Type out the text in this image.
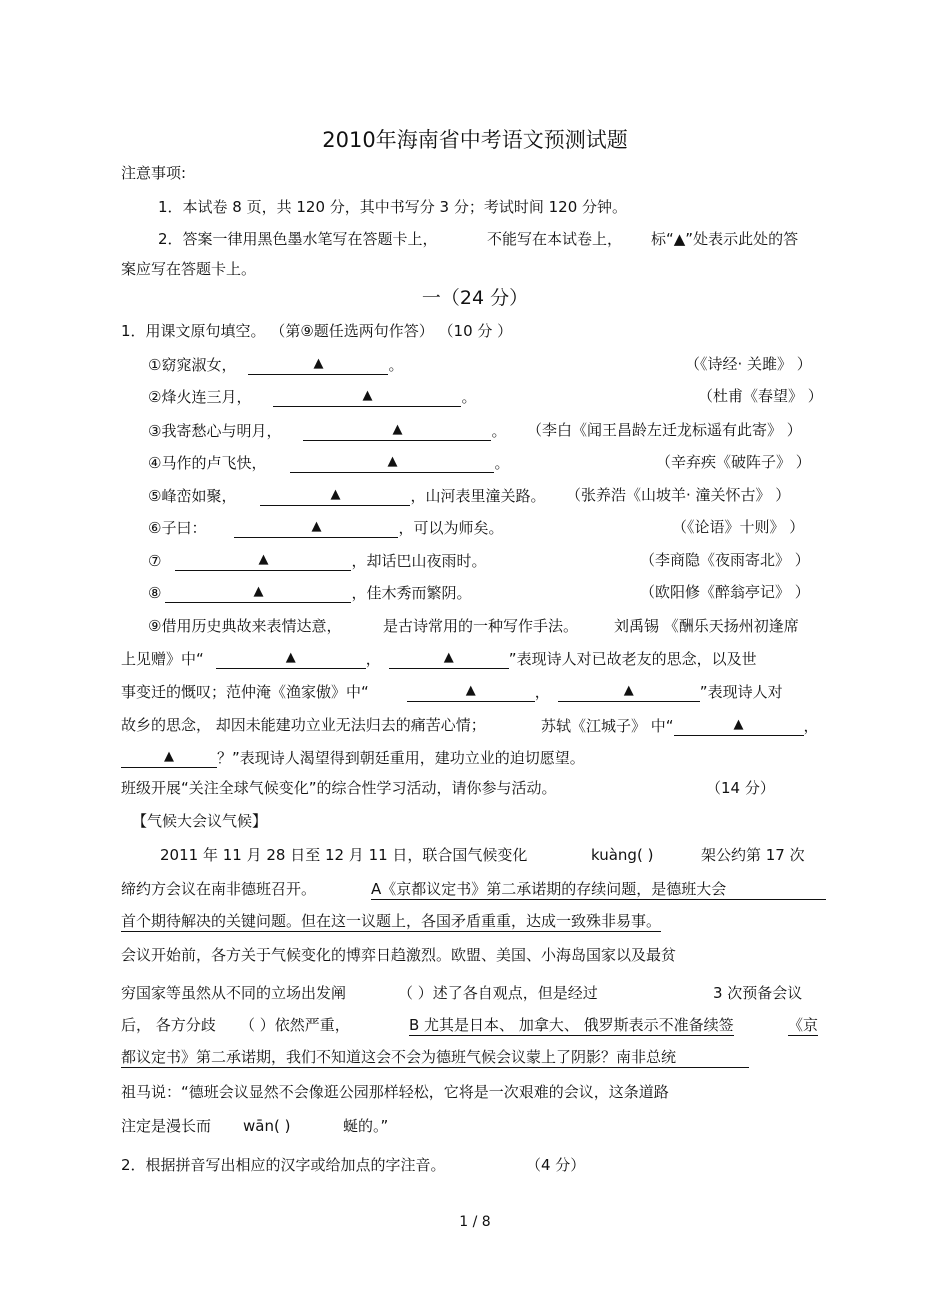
2010年海南省中考语文预测试题
注意事项:
1．本试卷 8 页，共 120 分，其中书写分 3 分；考试时间 120 分钟。
2．答案一律用黑色墨水笔写在答题卡上，	不能写在本试卷上， 标“▲”处表示此处的答
案应写在答题卡上。
一（24 分）
1．用课文原句填空。 （第⑨题任选两句作答） （10 分 ）
①窈窕淑女， ▲	。	（《诗经· 关雎》 ）
②烽火连三月， ▲	。	（杜甫《春望》 ）
③我寄愁心与明月， ▲	。 （李白《闻王昌龄左迁龙标遥有此寄》 ）
④马作的卢飞快， ▲	。	（辛弃疾《破阵子》 ）
⑤峰峦如聚， ▲	，山河表里潼关路。 （张养浩《山坡羊· 潼关怀古》 ）
⑥子曰： ▲	，可以为师矣。	（《论语》十则》 ）
⑦ ▲	，却话巴山夜雨时。	（李商隐《夜雨寄北》 ）
⑧ ▲	，佳木秀而繁阴。	（欧阳修《醉翁亭记》 ）
⑨借用历史典故来表情达意，	是古诗常用的一种写作手法。 刘禹锡 《酬乐天扬州初逢席
上见赠》中“ ▲	， ▲	”表现诗人对已故老友的思念，以及世
事变迁的慨叹；范仲淹《渔家傲》中“ ▲	， ▲	”表现诗人对
故乡的思念， 却因未能建功立业无法归去的痛苦心情；	苏轼《江城子》 中“ ▲	，
▲？”表现诗人渴望得到朝廷重用，建功立业的迫切愿望。
班级开展“关注全球气候变化”的综合性学习活动，请你参与活动。	（14 分）
【气候大会议气候】
2011 年 11 月 28 日至 12 月 11 日，联合国气候变化	kuàng( )	架公约第 17 次
缔约方会议在南非德班召开。	A《京都议定书》第二承诺期的存续问题，是德班大会
首个期待解决的关键问题。但在这一议题上，各国矛盾重重，达成一致殊非易事。
会议开始前，各方关于气候变化的博弈日趋激烈。欧盟、美国、小海岛国家以及最贫
穷国家等虽然从不同的立场出发阐	（ ）述了各自观点，但是经过	3 次预备会议
后， 各方分歧 （ ）依然严重，	B 尤其是日本、 加拿大、 俄罗斯表示不准备续签	《京
都议定书》第二承诺期，我们不知道这会不会为德班气候会议蒙上了阴影？南非总统
祖马说：“德班会议显然不会像逛公园那样轻松，它将是一次艰难的会议，这条道路
注定是漫长而 wān( )	蜒的。”
2．根据拼音写出相应的汉字或给加点的字注音。	（4 分）
1 / 8
